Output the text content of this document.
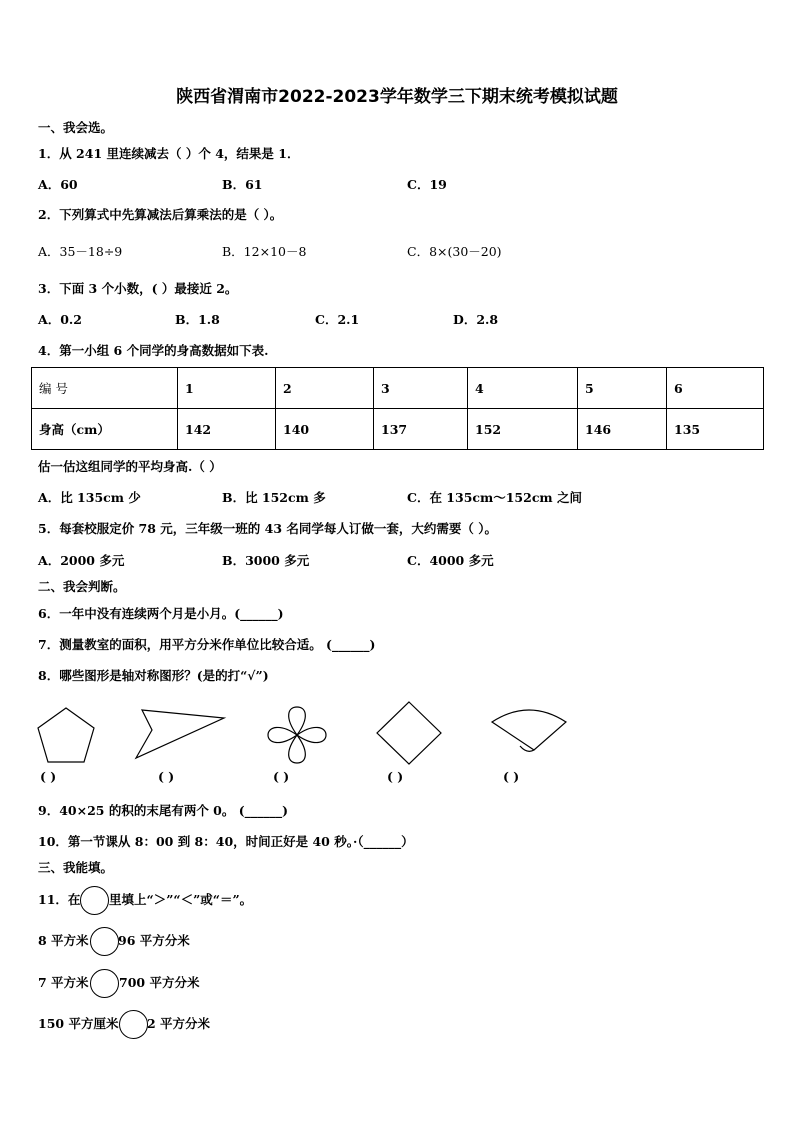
陕西省渭南市2022-2023学年数学三下期末统考模拟试题
一、我会选。
1．从 241 里连续减去（ ）个 4，结果是 1．
A．60	B．61	C．19
2．下列算式中先算减法后算乘法的是（ ）。
A．35－18÷9	B．12×10－8	C．8×(30－20)
3．下面 3 个小数，( ）最接近 2。
A．0.2	B．1.8	C．2.1	D．2.8
4．第一小组 6 个同学的身高数据如下表.
编 号	1	2	3	4	5	6
身高（cm）	142	140	137	152	146	135
估一估这组同学的平均身高.（ ）
A．比 135cm 少	B．比 152cm 多	C．在 135cm～152cm 之间
5．每套校服定价 78 元，三年级一班的 43 名同学每人订做一套，大约需要（ ）。
A．2000 多元	B．3000 多元	C．4000 多元
二、我会判断。
6．一年中没有连续两个月是小月。(______)
7．测量教室的面积，用平方分米作单位比较合适。 (______)
8．哪些图形是轴对称图形？(是的打“√”)
( )	( )	( )	( )	( )
9．40×25 的积的末尾有两个 0。 (______)
10．第一节课从 8：00 到 8：40，时间正好是 40 秒。·（______）
三、我能填。
11．在 里填上“＞”“＜”或“＝”。
8 平方米 96 平方分米
7 平方米 700 平方分米
150 平方厘米 2 平方分米
